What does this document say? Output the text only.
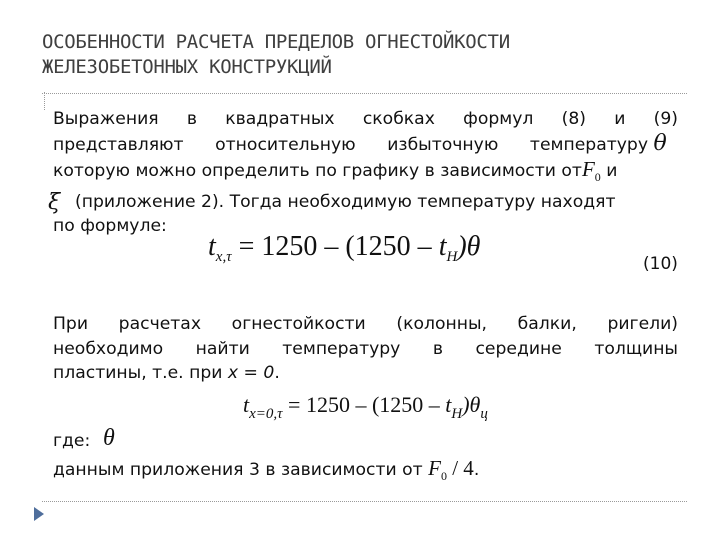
ОСОБЕННОСТИ РАСЧЕТА ПРЕДЕЛОВ ОГНЕСТОЙКОСТИ
ЖЕЛЕЗОБЕТОННЫХ КОНСТРУКЦИЙ
Выражения в квадратных скобках формул (8) и (9)
представляют относительную избыточную температуру θ
которую можно определить по графику в зависимости отF$_0$ и
ξ (приложение 2). Тогда необходимую температуру находят
по формуле:
$t_{x,\tau} = 1250 - (1250 - t_H)\theta$
(10)
При расчетах огнестойкости (колонны, балки, ригели)
необходимо найти температуру в середине толщины
пластины, т.е. при x = 0.
$t_{x=0,\tau} = 1250 - (1250 - t_H)\theta_ц$
где: θ
данным приложения 3 в зависимости от $F_0 / 4$.
